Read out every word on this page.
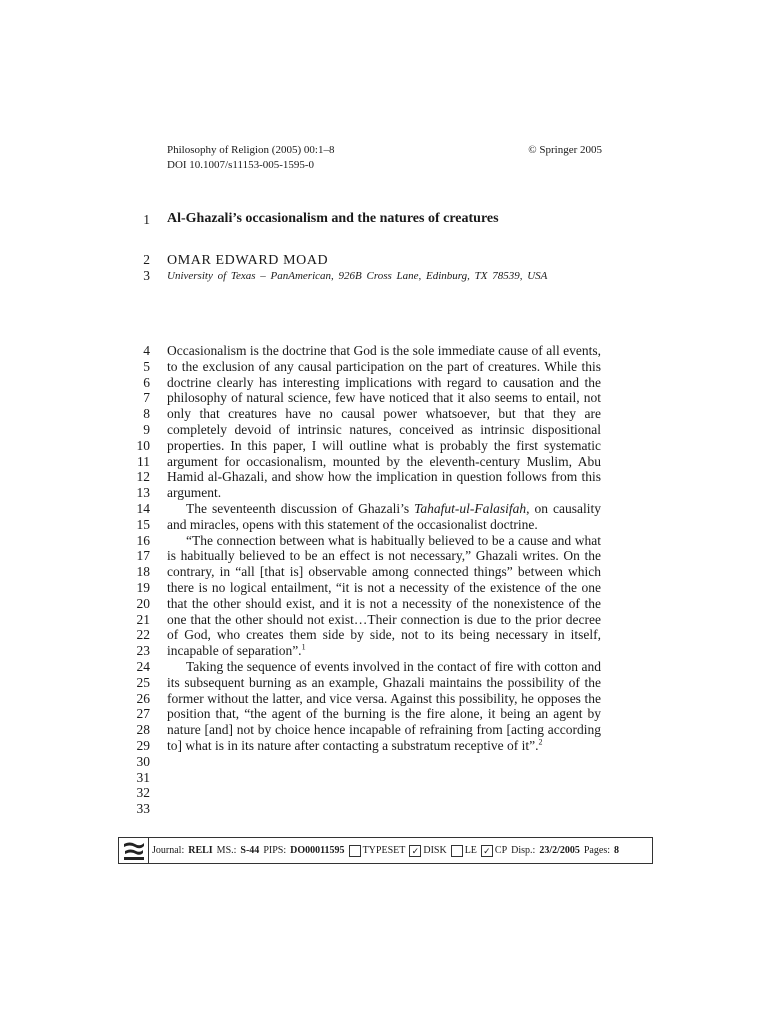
Philosophy of Religion (2005) 00:1–8
DOI 10.1007/s11153-005-1595-0
© Springer 2005
1
2
3
4
5
6
7
8
9
10
11
12
13
14
15
16
17
18
19
20
21
22
23
24
25
26
27
28
29
30
31
32
33
Al-Ghazali’s occasionalism and the natures of creatures
OMAR EDWARD MOAD
University of Texas – PanAmerican, 926B Cross Lane, Edinburg, TX 78539, USA

Occasionalism is the doctrine that God is the sole immediate cause of all events, to the exclusion of any causal participation on the part of creatures. While this doctrine clearly has interesting implications with regard to causation and the philosophy of natural science, few have noticed that it also seems to entail, not only that creatures have no causal power whatsoever, but that they are completely devoid of intrinsic natures, conceived as intrinsic dispositional properties. In this paper, I will outline what is probably the first systematic argument for occasionalism, mounted by the eleventh-century Muslim, Abu Hamid al-Ghazali, and show how the implication in question follows from this argument.

The seventeenth discussion of Ghazali’s Tahafut-ul-Falasifah, on causality and miracles, opens with this statement of the occasionalist doctrine.

“The connection between what is habitually believed to be a cause and what is habitually believed to be an effect is not necessary,” Ghazali writes. On the contrary, in “all [that is] observable among connected things” between which there is no logical entailment, “it is not a necessity of the existence of the one that the other should exist, and it is not a necessity of the nonexistence of the one that the other should not exist…Their connection is due to the prior decree of God, who creates them side by side, not to its being necessary in itself, incapable of separation”.$^1$

Taking the sequence of events involved in the contact of fire with cotton and its subsequent burning as an example, Ghazali maintains the possibility of the former without the latter, and vice versa. Against this possibility, he opposes the position that, “the agent of the burning is the fire alone, it being an agent by nature [and] not by choice hence incapable of refraining from [acting according to] what is in its nature after contacting a substratum receptive of it”.$^2$

Journal: RELI MS.: S-44 PIPS: DO00011595 TYPESET ✓ DISK LE ✓ CP Disp.: 23/2/2005 Pages: 8
